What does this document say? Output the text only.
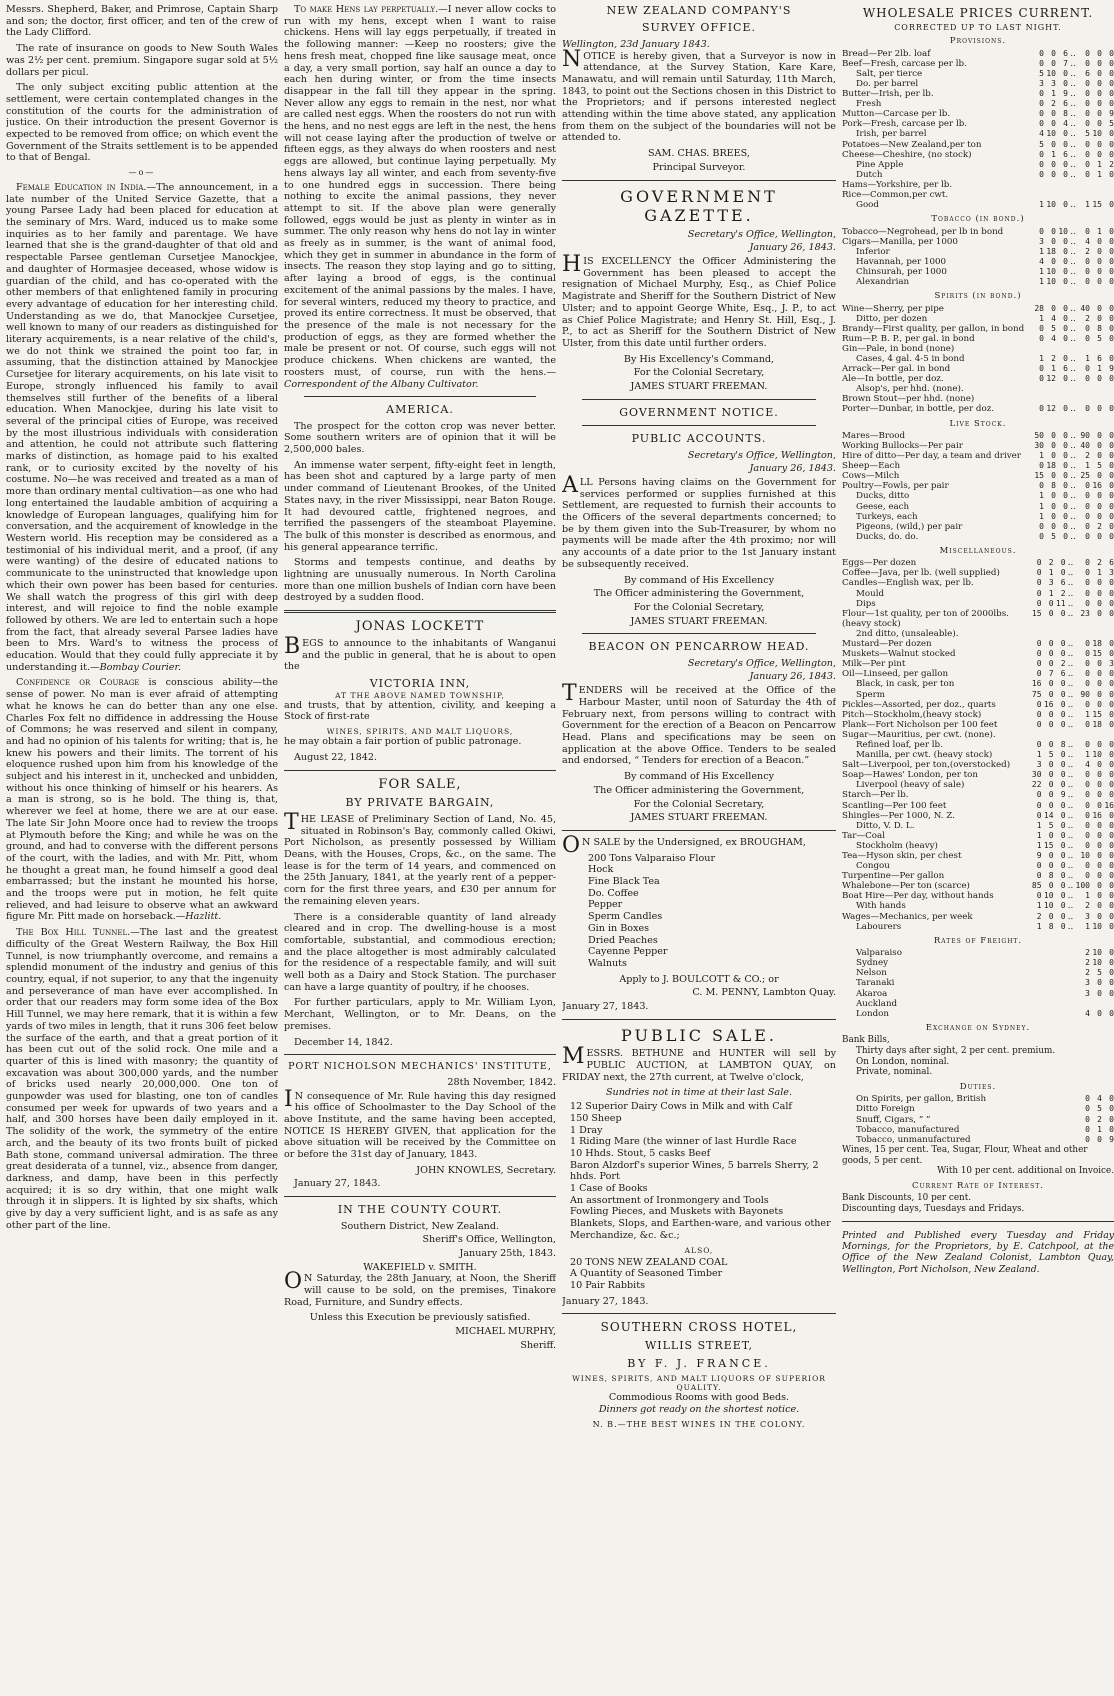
Messrs. Shepherd, Baker, and Primrose, Captain Sharp and son; the doctor, first officer, and ten of the crew of the Lady Clifford.

The rate of insurance on goods to New South Wales was 2½ per cent. premium. Singapore sugar sold at 5½ dollars per picul.

The only subject exciting public attention at the settlement, were certain contemplated changes in the constitution of the courts for the administration of justice. On their introduction the present Governor is expected to be removed from office; on which event the Government of the Straits settlement is to be appended to that of Bengal.

—o—

Female Education in India.—The announcement, in a late number of the United Service Gazette, that a young Parsee Lady had been placed for education at the seminary of Mrs. Ward, induced us to make some inquiries as to her family and parentage. We have learned that she is the grand-daughter of that old and respectable Parsee gentleman Cursetjee Manockjee, and daughter of Hormasjee deceased, whose widow is guardian of the child, and has co-operated with the other members of that enlightened family in procuring every advantage of education for her interesting child. Understanding as we do, that Manockjee Cursetjee, well known to many of our readers as distinguished for literary acquirements, is a near relative of the child's, we do not think we strained the point too far, in assuming, that the distinction attained by Manockjee Cursetjee for literary acquirements, on his late visit to Europe, strongly influenced his family to avail themselves still further of the benefits of a liberal education. When Manockjee, during his late visit to several of the principal cities of Europe, was received by the most illustrious individuals with consideration and attention, he could not attribute such flattering marks of distinction, as homage paid to his exalted rank, or to curiosity excited by the novelty of his costume. No—he was received and treated as a man of more than ordinary mental cultivation—as one who had long entertained the laudable ambition of acquiring a knowledge of European languages, qualifying him for conversation, and the acquirement of knowledge in the Western world. His reception may be considered as a testimonial of his individual merit, and a proof, (if any were wanting) of the desire of educated nations to communicate to the uninstructed that knowledge upon which their own power has been based for centuries. We shall watch the progress of this girl with deep interest, and will rejoice to find the noble example followed by others. We are led to entertain such a hope from the fact, that already several Parsee ladies have been to Mrs. Ward's to witness the process of education. Would that they could fully appreciate it by understanding it.—Bombay Courier.

Confidence or Courage is conscious ability—the sense of power. No man is ever afraid of attempting what he knows he can do better than any one else. Charles Fox felt no diffidence in addressing the House of Commons; he was reserved and silent in company, and had no opinion of his talents for writing; that is, he knew his powers and their limits. The torrent of his eloquence rushed upon him from his knowledge of the subject and his interest in it, unchecked and unbidden, without his once thinking of himself or his hearers. As a man is strong, so is he bold. The thing is, that, wherever we feel at home, there we are at our ease. The late Sir John Moore once had to review the troops at Plymouth before the King; and while he was on the ground, and had to converse with the different persons of the court, with the ladies, and with Mr. Pitt, whom he thought a great man, he found himself a good deal embarrassed; but the instant he mounted his horse, and the troops were put in motion, he felt quite relieved, and had leisure to observe what an awkward figure Mr. Pitt made on horseback.—Hazlitt.

The Box Hill Tunnel.—The last and the greatest difficulty of the Great Western Railway, the Box Hill Tunnel, is now triumphantly overcome, and remains a splendid monument of the industry and genius of this country, equal, if not superior, to any that the ingenuity and perseverance of man have ever accomplished. In order that our readers may form some idea of the Box Hill Tunnel, we may here remark, that it is within a few yards of two miles in length, that it runs 306 feet below the surface of the earth, and that a great portion of it has been cut out of the solid rock. One mile and a quarter of this is lined with masonry; the quantity of excavation was about 300,000 yards, and the number of bricks used nearly 20,000,000. One ton of gunpowder was used for blasting, one ton of candles consumed per week for upwards of two years and a half, and 300 horses have been daily employed in it. The solidity of the work, the symmetry of the entire arch, and the beauty of its two fronts built of picked Bath stone, command universal admiration. The three great desiderata of a tunnel, viz., absence from danger, darkness, and damp, have been in this perfectly acquired; it is so dry within, that one might walk through it in slippers. It is lighted by six shafts, which give by day a very sufficient light, and is as safe as any other part of the line.

To make Hens lay perpetually.—I never allow cocks to run with my hens, except when I want to raise chickens. Hens will lay eggs perpetually, if treated in the following manner: —Keep no roosters; give the hens fresh meat, chopped fine like sausage meat, once a day, a very small portion, say half an ounce a day to each hen during winter, or from the time insects disappear in the fall till they appear in the spring. Never allow any eggs to remain in the nest, nor what are called nest eggs. When the roosters do not run with the hens, and no nest eggs are left in the nest, the hens will not cease laying after the production of twelve or fifteen eggs, as they always do when roosters and nest eggs are allowed, but continue laying perpetually. My hens always lay all winter, and each from seventy-five to one hundred eggs in succession. There being nothing to excite the animal passions, they never attempt to sit. If the above plan were generally followed, eggs would be just as plenty in winter as in summer. The only reason why hens do not lay in winter as freely as in summer, is the want of animal food, which they get in summer in abundance in the form of insects. The reason they stop laying and go to sitting, after laying a brood of eggs, is the continual excitement of the animal passions by the males. I have, for several winters, reduced my theory to practice, and proved its entire correctness. It must be observed, that the presence of the male is not necessary for the production of eggs, as they are formed whether the male be present or not. Of course, such eggs will not produce chickens. When chickens are wanted, the roosters must, of course, run with the hens.—Correspondent of the Albany Cultivator.

AMERICA.

The prospect for the cotton crop was never better. Some southern writers are of opinion that it will be 2,500,000 bales.

An immense water serpent, fifty-eight feet in length, has been shot and captured by a large party of men under command of Lieutenant Brookes, of the United States navy, in the river Mississippi, near Baton Rouge. It had devoured cattle, frightened negroes, and terrified the passengers of the steamboat Playemine. The bulk of this monster is described as enormous, and his general appearance terrific.

Storms and tempests continue, and deaths by lightning are unusually numerous. In North Carolina more than one million bushels of Indian corn have been destroyed by a sudden flood.

JONAS LOCKETT

BEGS to announce to the inhabitants of Wanganui and the public in general, that he is about to open the

VICTORIA INN,
AT THE ABOVE NAMED TOWNSHIP,

and trusts, that by attention, civility, and keeping a Stock of first-rate

WINES, SPIRITS, AND MALT LIQUORS,

he may obtain a fair portion of public patronage.

August 22, 1842.

FOR SALE,
BY PRIVATE BARGAIN,

THE LEASE of Preliminary Section of Land, No. 45, situated in Robinson's Bay, commonly called Okiwi, Port Nicholson, as presently possessed by William Deans, with the Houses, Crops, &c., on the same. The lease is for the term of 14 years, and commenced on the 25th January, 1841, at the yearly rent of a pepper-corn for the first three years, and £30 per annum for the remaining eleven years.

There is a considerable quantity of land already cleared and in crop. The dwelling-house is a most comfortable, substantial, and commodious erection; and the place altogether is most admirably calculated for the residence of a respectable family, and will suit well both as a Dairy and Stock Station. The purchaser can have a large quantity of poultry, if he chooses.

For further particulars, apply to Mr. William Lyon, Merchant, Wellington, or to Mr. Deans, on the premises.

December 14, 1842.

PORT NICHOLSON MECHANICS' INSTITUTE,
28th November, 1842.

IN consequence of Mr. Rule having this day resigned his office of Schoolmaster to the Day School of the above Institute, and the same having been accepted, NOTICE IS HEREBY GIVEN, that application for the above situation will be received by the Committee on or before the 31st day of January, 1843.

JOHN KNOWLES, Secretary.

January 27, 1843.

IN THE COUNTY COURT.
Southern District, New Zealand.
Sheriff's Office, Wellington,
January 25th, 1843.
WAKEFIELD v. SMITH.

ON Saturday, the 28th January, at Noon, the Sheriff will cause to be sold, on the premises, Tinakore Road, Furniture, and Sundry effects.

Unless this Execution be previously satisfied.
MICHAEL MURPHY,
Sheriff.
NEW ZEALAND COMPANY'S
SURVEY OFFICE.
Wellington, 23d January 1843.

NOTICE is hereby given, that a Surveyor is now in attendance, at the Survey Station, Kare Kare, Manawatu, and will remain until Saturday, 11th March, 1843, to point out the Sections chosen in this District to the Proprietors; and if persons interested neglect attending within the time above stated, any application from them on the subject of the boundaries will not be attended to.

SAM. CHAS. BREES,
Principal Surveyor.
GOVERNMENT GAZETTE.
Secretary's Office, Wellington,
January 26, 1843.

HIS EXCELLENCY the Officer Administering the Government has been pleased to accept the resignation of Michael Murphy, Esq., as Chief Police Magistrate and Sheriff for the Southern District of New Ulster; and to appoint George White, Esq., J. P., to act as Chief Police Magistrate; and Henry St. Hill, Esq., J. P., to act as Sheriff for the Southern District of New Ulster, from this date until further orders.

By His Excellency's Command,
For the Colonial Secretary,
JAMES STUART FREEMAN.
GOVERNMENT NOTICE.
PUBLIC ACCOUNTS.
Secretary's Office, Wellington,
January 26, 1843.

ALL Persons having claims on the Government for services performed or supplies furnished at this Settlement, are requested to furnish their accounts to the Officers of the several departments concerned; to be by them given into the Sub-Treasurer, by whom no payments will be made after the 4th proximo; nor will any accounts of a date prior to the 1st January instant be subsequently received.

By command of His Excellency
The Officer administering the Government,
For the Colonial Secretary,
JAMES STUART FREEMAN.
BEACON ON PENCARROW HEAD.
Secretary's Office, Wellington,
January 26, 1843.

TENDERS will be received at the Office of the Harbour Master, until noon of Saturday the 4th of February next, from persons willing to contract with Government for the erection of a Beacon on Pencarrow Head. Plans and specifications may be seen on application at the above Office. Tenders to be sealed and endorsed, “ Tenders for erection of a Beacon.”

By command of His Excellency
The Officer administering the Government,
For the Colonial Secretary,
JAMES STUART FREEMAN.

ON SALE by the Undersigned, ex BROUGHAM,

200 Tons Valparaiso Flour
Hock
Fine Black Tea
Do. Coffee
Pepper
Sperm Candles
Gin in Boxes
Dried Peaches
Cayenne Pepper
Walnuts
Apply to J. BOULCOTT & CO.; or
C. M. PENNY, Lambton Quay.

January 27, 1843.

PUBLIC SALE.

MESSRS. BETHUNE and HUNTER will sell by PUBLIC AUCTION, at LAMBTON QUAY, on FRIDAY next, the 27th current, at Twelve o'clock,

Sundries not in time at their last Sale.
12 Superior Dairy Cows in Milk and with Calf
150 Sheep
1 Dray
1 Riding Mare (the winner of last Hurdle Race
10 Hhds. Stout, 5 casks Beef
Baron Alzdorf's superior Wines, 5 barrels Sherry, 2 hhds. Port
1 Case of Books
An assortment of Ironmongery and Tools
Fowling Pieces, and Muskets with Bayonets
Blankets, Slops, and Earthen-ware, and various other Merchandize, &c. &c.;
ALSO,
20 TONS NEW ZEALAND COAL
A Quantity of Seasoned Timber
10 Pair Rabbits

January 27, 1843.

SOUTHERN CROSS HOTEL,
WILLIS STREET,
BY F. J. FRANCE.
WINES, SPIRITS, AND MALT LIQUORS OF SUPERIOR QUALITY.
Commodious Rooms with good Beds.
Dinners got ready on the shortest notice.
N. B.—THE BEST WINES IN THE COLONY.
WHOLESALE PRICES CURRENT.
CORRECTED UP TO LAST NIGHT.
Provisions.
Bread—Per 2lb. loaf	0	0	6	..	0	0	0
Beef—Fresh, carcase per lb.	0	0	7	..	0	0	0
Salt, per tierce	5	10	0	..	6	0	0
Do. per barrel	3	3	0	..	0	0	0
Butter—Irish, per lb.	0	1	9	..	0	0	0
Fresh	0	2	6	..	0	0	0
Mutton—Carcase per lb.	0	0	8	..	0	0	9
Pork—Fresh, carcase per lb.	0	0	4	..	0	0	5
Irish, per barrel	4	10	0	..	5	10	0
Potatoes—New Zealand,per ton	5	0	0	..	0	0	0
Cheese—Cheshire, (no stock)	0	1	6	..	0	0	0
Pine Apple	0	0	0	..	0	1	2
Dutch	0	0	0	..	0	1	0
Hams—Yorkshire, per lb.							
Rice—Common,per cwt.							
Good	1	10	0	..	1	15	0
Tobacco (in bond.)
Tobacco—Negrohead, per lb in bond	0	0	10	..	0	1	0
Cigars—Manilla, per 1000	3	0	0	..	4	0	0
Inferior	1	18	0	..	2	0	0
Havannah, per 1000	4	0	0	..	0	0	0
Chinsurah, per 1000	1	10	0	..	0	0	0
Alexandrian	1	10	0	..	0	0	0
Spirits (in bond.)
Wine—Sherry, per pipe	28	0	0	..	40	0	0
Ditto, per dozen	1	4	0	..	2	0	0
Brandy—First quality, per gallon, in bond	0	5	0	..	0	8	0
Rum—P. B. P., per gal. in bond	0	4	0	..	0	5	0
Gin—Pale, in bond (none)							
Cases, 4 gal. 4-5 in bond	1	2	0	..	1	6	0
Arrack—Per gal. in bond	0	1	6	..	0	1	9
Ale—In bottle, per doz.	0	12	0	..	0	0	0
Alsop's, per hhd. (none).							
Brown Stout—per hhd. (none)							
Porter—Dunbar, in bottle, per doz.	0	12	0	..	0	0	0
Live Stock.
Mares—Brood	50	0	0	..	90	0	0
Working Bullocks—Per pair	30	0	0	..	40	0	0
Hire of ditto—Per day, a team and driver	1	0	0	..	2	0	0
Sheep—Each	0	18	0	..	1	5	0
Cows—Milch	15	0	0	..	25	0	0
Poultry—Fowls, per pair	0	8	0	..	0	16	0
Ducks, ditto	1	0	0	..	0	0	0
Geese, each	1	0	0	..	0	0	0
Turkeys, each	1	0	0	..	0	0	0
Pigeons, (wild,) per pair	0	0	0	..	0	2	0
Ducks, do. do.	0	5	0	..	0	0	0
Miscellaneous.
Eggs—Per dozen	0	2	0	..	0	2	6
Coffee—Java, per lb. (well supplied)	0	1	0	..	0	1	3
Candles—English wax, per lb.	0	3	6	..	0	0	0
Mould	0	1	2	..	0	0	0
Dips	0	0	11	..	0	0	0
Flour—1st quality, per ton of 2000lbs.(heavy stock)	15	0	0	..	23	0	0
2nd ditto, (unsaleable).							
Mustard—Per dozen	0	0	0	..	0	18	0
Muskets—Walnut stocked	0	0	0	..	0	15	0
Milk—Per pint	0	0	2	..	0	0	3
Oil—Linseed, per gallon	0	7	6	..	0	0	0
Black, in cask, per ton	16	0	0	..	0	0	0
Sperm	75	0	0	..	90	0	0
Pickles—Assorted, per doz., quarts	0	16	0	..	0	0	0
Pitch—Stockholm,(heavy stock)	0	0	0	..	1	15	0
Plank—Fort Nicholson per 100 feet	0	0	0	..	0	18	0
Sugar—Mauritius, per cwt. (none).							
Refined loaf, per lb.	0	0	8	..	0	0	0
Manilla, per cwt. (heavy stock)	1	5	0	..	1	10	0
Salt—Liverpool, per ton,(overstocked)	3	0	0	..	4	0	0
Soap—Hawes' London, per ton	30	0	0	..	0	0	0
Liverpool (heavy of sale)	22	0	0	..	0	0	0
Starch—Per lb.	0	0	9	..	0	0	0
Scantling—Per 100 feet	0	0	0	..	0	0	16
Shingles—Per 1000, N. Z.	0	14	0	..	0	16	0
Ditto, V. D. L.	1	5	0	..	0	0	0
Tar—Coal	1	0	0	..	0	0	0
Stockholm (heavy)	1	15	0	..	0	0	0
Tea—Hyson skin, per chest	9	0	0	..	10	0	0
Congou	0	0	0	..	0	0	0
Turpentine—Per gallon	0	8	0	..	0	0	0
Whalebone—Per ton (scarce)	85	0	0	..	100	0	0
Boat Hire—Per day, without hands	0	10	0	..	1	0	0
With hands	1	10	0	..	2	0	0
Wages—Mechanics, per week	2	0	0	..	3	0	0
Labourers	1	8	0	..	1	10	0
Rates of Freight.
Valparaiso	2	10	0
Sydney	2	10	0
Nelson	2	5	0
Taranaki	3	0	0
Akaroa	3	0	0
Auckland			
London	4	0	0
Exchange on Sydney.
Bank Bills,
Thirty days after sight, 2 per cent. premium.
On London, nominal.
Private, nominal.
Duties.
On Spirits, per gallon, British	0	4	0
Ditto Foreign	0	5	0
Snuff, Cigars, ” ”	0	2	0
Tobacco, manufactured	0	1	0
Tobacco, unmanufactured	0	0	9
Wines, 15 per cent. Tea, Sugar, Flour, Wheat and other goods, 5 per cent.
With 10 per cent. additional on Invoice.
Current Rate of Interest.
Bank Discounts, 10 per cent.
Discounting days, Tuesdays and Fridays.
Printed and Published every Tuesday and Friday Mornings, for the Proprietors, by E. Catchpool, at the Office of the New Zealand Colonist, Lambton Quay, Wellington, Port Nicholson, New Zealand.
